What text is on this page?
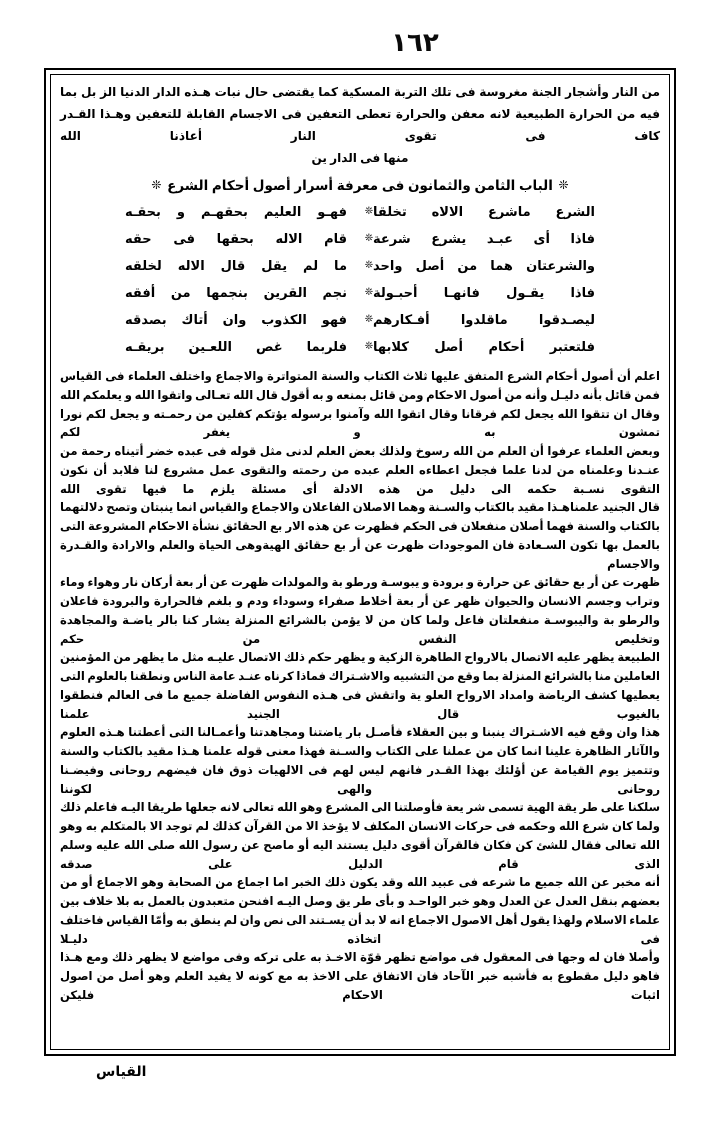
١٦٢
من النار وأشجار الجنة مغروسة فى تلك التربة المسكية كما يقتضى حال نبات هـذه الدار الدنيا الز بل بما فيه من الحرارة الطبيعية لانه معفن والحرارة تعطى التعفين فى الاجسام القابلة للتعفين وهـذا القـدر كاف فى تقوى النار أعاذنا الله
منها فى الدار ين
❊ الباب الثامن والثمانون فى معرفة أسرار أصول أحكام الشرع ❊
الشرع ماشرع الالاه تخلقا
❊
فهـو العليم بحقهـم و بحقـه
فاذا أى عبـد يشرع شرعة
❊
قام الاله بحقها فى حقه
والشرعتان هما من أصل واحد
❊
ما لم يقل قال الاله لخلقه
فاذا يقـول فانهـا أحبـولة
❊
نجم القرين بنجمها من أفقه
ليصـدقوا ماقلدوا أفـكارهم
❊
فهو الكذوب وان أتاك بصدقه
فلتعتبر أحكام أصل كلابها
❊
فلربما غص اللعـين بريقـه

اعلم أن أصول أحكام الشرع المتفق عليها ثلاث الكتاب والسنة المتواترة والاجماع واختلف العلماء فى القياس فمن قائل بأنه دليـل وأنه من أصول الاحكام ومن قائل بمنعه و به أقول قال الله تعـالى واتقوا الله و يعلمكم الله وقال ان تتقوا الله يجعل لكم فرقانا وقال اتقوا الله وآمنوا برسوله يؤتكم كفلين من رحمـته و يجعل لكم نورا تمشون به و يغفر لكم

وبعض العلماء عرفوا أن العلم من الله رسوخ ولذلك بعض العلم لدنى مثل قوله فى عبده خضر أتيناه رحمة من عنـدنا وعلمناه من لدنا علما فجعل اعطاءه العلم عبده من رحمته والتقوى عمل مشروع لنا فلابد أن نكون التقوى نسـبة حكمه الى دليل من هذه الادلة أى مسئلة يلزم ما فيها تقوى الله

قال الجنيد علمناهـذا مقيد بالكتاب والسـنة وهما الاصلان الفاعلان والاجماع والقياس انما ينبتان وتصح دلالتهما بالكتاب والسنة فهما أصلان منفعلان فى الحكم فظهرت عن هذه الار بع الحقائق نشأة الاحكام المشروعة التى بالعمل بها تكون السـعادة فان الموجودات ظهرت عن أر بع حقائق الهيةوهى الحياة والعلم والارادة والقـدرة والاجسام

ظهرت عن أر بع حقائق عن حرارة و برودة و يبوسـة ورطو بة والمولدات ظهرت عن أر بعة أركان نار وهواء وماء وتراب وجسم الانسان والحيوان ظهر عن أر بعة أخلاط صفراء وسوداء ودم و بلغم فالحرارة والبرودة فاعلان والرطو بة واليبوسـة منفعلتان فاعل ولما كان من لا يؤمن بالشرائع المنزلة يشار كنا بالر ياضـة والمجاهدة وتخليص النفس من حكم

الطبيعة يظهر عليه الاتصال بالارواح الطاهرة الزكية و يظهر حكم ذلك الاتصال عليـه مثل ما يظهر من المؤمنين العاملين منا بالشرائع المنزلة بما وقع من التشبيه والاشـتراك فماذا كرناه عنـد عامة الناس ونطقنا بالعلوم التى يعطيها كشف الرياضة وامداد الارواح العلو ية واتقش فى هـذه النفوس الفاضلة جميع ما فى العالم فنطقوا بالغيوب قال الجنيد علمنا

هذا وان وقع فيه الاشـتراك ينبنا و بين العقلاء فأصـل بار ياضتنا ومجاهدتنا وأعمـالنا التى أعطتنا هـذه العلوم والآثار الظاهرة علينا انما كان من عملنا على الكتاب والسـنة فهذا معنى قوله علمنا هـذا مقيد بالكتاب والسنة وتتميز يوم القيامة عن أؤلئك بهذا القـدر فانهم ليس لهم فى الالهيات ذوق فان فيضهم روحانى وفيضـنا روحانى والهى لكوننا

سلكنا على طر يقة الهية تسمى شر يعة فأوصلتنا الى المشرع وهو الله تعالى لانه جعلها طريقا اليـه فاعلم ذلك ولما كان شرع الله وحكمه فى حركات الانسان المكلف لا يؤخذ الا من القرآن كذلك لم توجد الا بالمتكلم به وهو الله تعالى فقال للشئ كن فكان فالقرآن أقوى دليل يستند اليه أو ماصح عن رسول الله صلى الله عليه وسلم الذى قام الدليل على صدقه

أنه مخبر عن الله جميع ما شرعه فى عبيد الله وقد يكون ذلك الخبر اما اجماع من الصحابة وهو الاجماع أو من بعضهم بنقل العدل عن العدل وهو خبر الواحـد و بأى طر يق وصل اليـه افنحن متعبدون بالعمل به بلا خلاف بين علماء الاسلام ولهذا يقول أهل الاصول الاجماع انه لا بد أن يسـتند الى نص وان لم ينطق به وأمّا القياس فاختلف فى اتخاذه دليـلا

وأصلا فان له وجها فى المعقول فى مواضع تظهر قوّة الاخـذ به على تركه وفى مواضع لا يظهر ذلك ومع هـذا فاهو دليل مقطوع به فأشبه خبر الآحاد فان الاتفاق على الاخذ به مع كونه لا يفيد العلم وهو أصل من اصول اثبات الاحكام فليكن

القياس
